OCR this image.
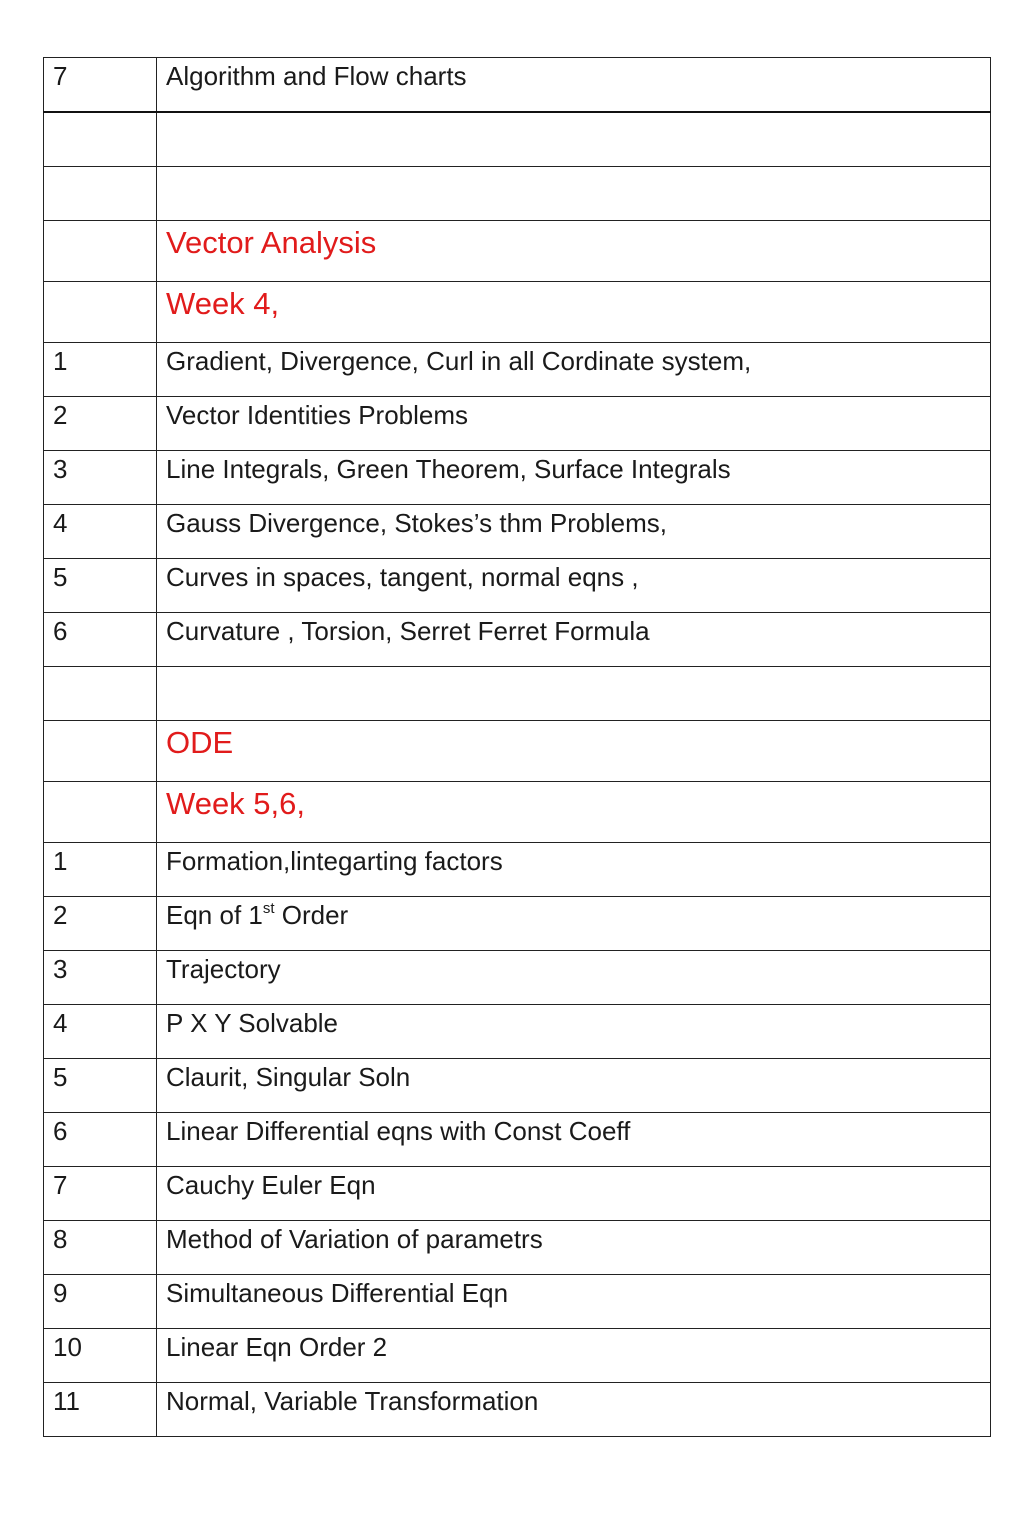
7	Algorithm and Flow charts

	Vector Analysis
	Week 4,
1	Gradient, Divergence, Curl in all Cordinate system,
2	Vector Identities Problems
3	Line Integrals, Green Theorem, Surface Integrals
4	Gauss Divergence, Stokes’s thm Problems,
5	Curves in spaces, tangent, normal eqns ,
6	Curvature , Torsion, Serret Ferret Formula

	ODE
	Week 5,6,
1	Formation,lintegarting factors
2	Eqn of 1st Order
3	Trajectory
4	P X Y Solvable
5	Claurit, Singular Soln
6	Linear Differential eqns with Const Coeff
7	Cauchy Euler Eqn
8	Method of Variation of parametrs
9	Simultaneous Differential Eqn
10	Linear Eqn Order 2
11	Normal, Variable Transformation
